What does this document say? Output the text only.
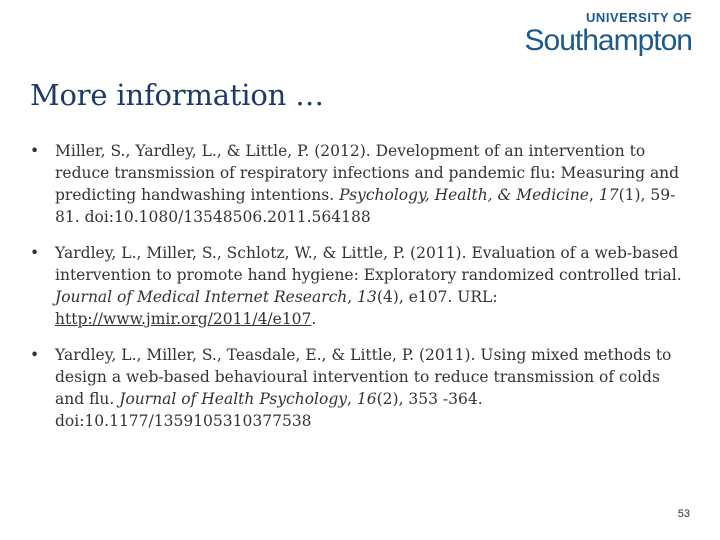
UNIVERSITY OF
Southampton
More information …
• Miller, S., Yardley, L., & Little, P. (2012). Development of an intervention to reduce transmission of respiratory infections and pandemic flu: Measuring and predicting handwashing intentions. Psychology, Health, & Medicine, 17(1), 59-81. doi:10.1080/13548506.2011.564188
• Yardley, L., Miller, S., Schlotz, W., & Little, P. (2011). Evaluation of a web-based intervention to promote hand hygiene: Exploratory randomized controlled trial. Journal of Medical Internet Research, 13(4), e107. URL: http://www.jmir.org/2011/4/e107.
• Yardley, L., Miller, S., Teasdale, E., & Little, P. (2011). Using mixed methods to design a web-based behavioural intervention to reduce transmission of colds and flu. Journal of Health Psychology, 16(2), 353 -364. doi:10.1177/1359105310377538
53
